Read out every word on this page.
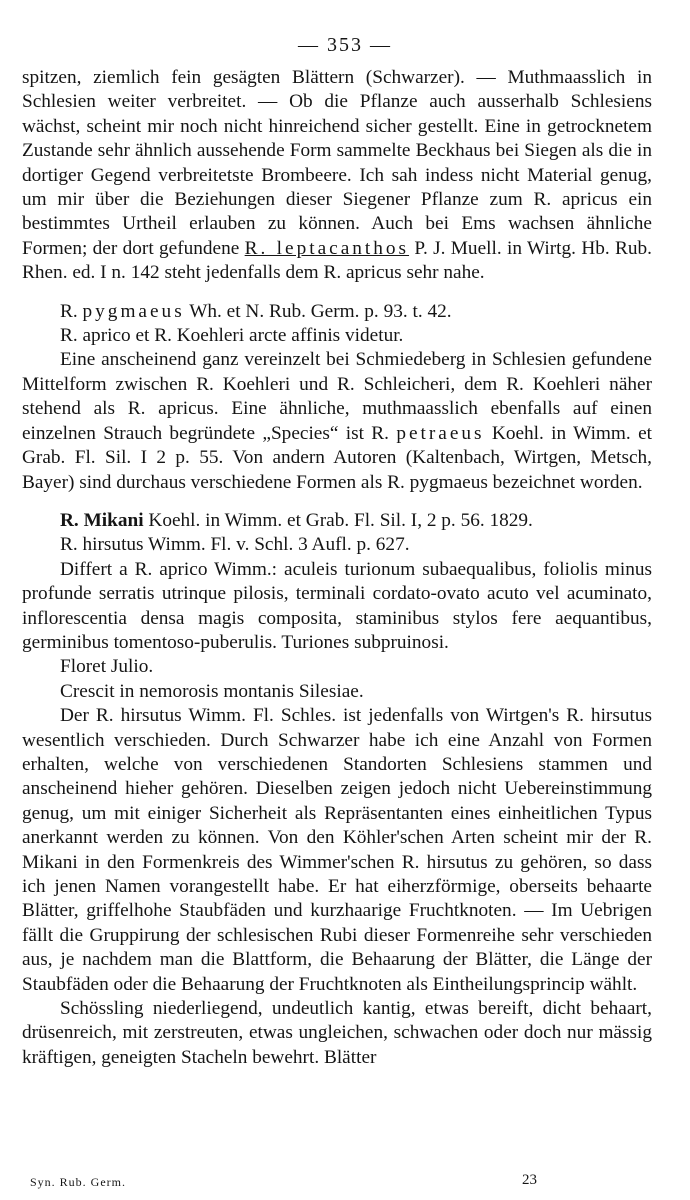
— 353 —

spitzen, ziemlich fein gesägten Blättern (Schwarzer). — Muthmaasslich in Schlesien weiter verbreitet. — Ob die Pflanze auch ausserhalb Schlesiens wächst, scheint mir noch nicht hinreichend sicher gestellt. Eine in getrocknetem Zustande sehr ähnlich aussehende Form sammelte Beckhaus bei Siegen als die in dortiger Gegend verbreitetste Brombeere. Ich sah indess nicht Material genug, um mir über die Beziehungen dieser Siegener Pflanze zum R. apricus ein bestimmtes Urtheil erlauben zu können. Auch bei Ems wachsen ähnliche Formen; der dort gefundene R. leptacanthos P. J. Muell. in Wirtg. Hb. Rub. Rhen. ed. I n. 142 steht jedenfalls dem R. apricus sehr nahe.

R. pygmaeus Wh. et N. Rub. Germ. p. 93. t. 42.

R. aprico et R. Koehleri arcte affinis videtur.

Eine anscheinend ganz vereinzelt bei Schmiedeberg in Schlesien gefundene Mittelform zwischen R. Koehleri und R. Schleicheri, dem R. Koehleri näher stehend als R. apricus. Eine ähnliche, muthmaasslich ebenfalls auf einen einzelnen Strauch begründete „Species“ ist R. petraeus Koehl. in Wimm. et Grab. Fl. Sil. I 2 p. 55. Von andern Autoren (Kaltenbach, Wirtgen, Metsch, Bayer) sind durchaus verschiedene Formen als R. pygmaeus bezeichnet worden.

R. Mikani Koehl. in Wimm. et Grab. Fl. Sil. I, 2 p. 56. 1829.

R. hirsutus Wimm. Fl. v. Schl. 3 Aufl. p. 627.

Differt a R. aprico Wimm.: aculeis turionum subaequalibus, foliolis minus profunde serratis utrinque pilosis, terminali cordato-ovato acuto vel acuminato, inflorescentia densa magis composita, staminibus stylos fere aequantibus, germinibus tomentoso-puberulis. Turiones subpruinosi.

Floret Julio.

Crescit in nemorosis montanis Silesiae.

Der R. hirsutus Wimm. Fl. Schles. ist jedenfalls von Wirtgen's R. hirsutus wesentlich verschieden. Durch Schwarzer habe ich eine Anzahl von Formen erhalten, welche von verschiedenen Standorten Schlesiens stammen und anscheinend hieher gehören. Dieselben zeigen jedoch nicht Uebereinstimmung genug, um mit einiger Sicherheit als Repräsentanten eines einheitlichen Typus anerkannt werden zu können. Von den Köhler'schen Arten scheint mir der R. Mikani in den Formenkreis des Wimmer'schen R. hirsutus zu gehören, so dass ich jenen Namen vorangestellt habe. Er hat eiherzförmige, oberseits behaarte Blätter, griffelhohe Staubfäden und kurzhaarige Fruchtknoten. — Im Uebrigen fällt die Gruppirung der schlesischen Rubi dieser Formenreihe sehr verschieden aus, je nachdem man die Blattform, die Behaarung der Blätter, die Länge der Staubfäden oder die Behaarung der Fruchtknoten als Eintheilungsprincip wählt.

Schössling niederliegend, undeutlich kantig, etwas bereift, dicht behaart, drüsenreich, mit zerstreuten, etwas ungleichen, schwachen oder doch nur mässig kräftigen, geneigten Stacheln bewehrt. Blätter

Syn. Rub. Germ.	23
